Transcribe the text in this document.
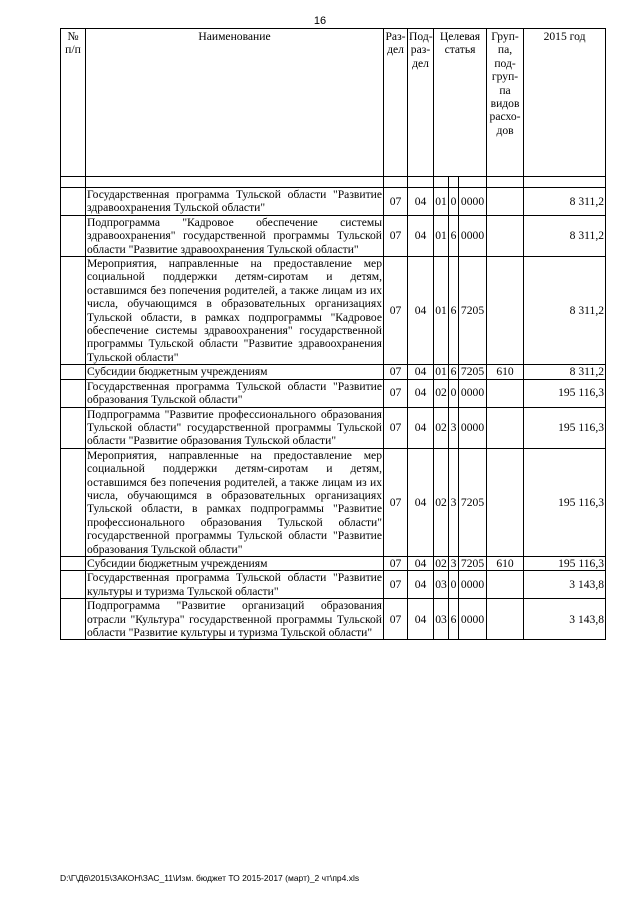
16
№ п/п	Наименование	Раз-дел	Под-раз-дел	Целевая статья			Груп-па, под-груп-па видов расхо-дов	2015 год

	Государственная программа Тульской области "Развитие здравоохранения Тульской области"	07	04	01	0	0000		8 311,2
	Подпрограмма "Кадровое обеспечение системы здравоохранения" государственной программы Тульской области "Развитие здравоохранения Тульской области"	07	04	01	6	0000		8 311,2
	Мероприятия, направленные на предоставление мер социальной поддержки детям-сиротам и детям, оставшимся без попечения родителей, а также лицам из их числа, обучающимся в образовательных организациях Тульской области, в рамках подпрограммы "Кадровое обеспечение системы здравоохранения" государственной программы Тульской области "Развитие здравоохранения Тульской области"	07	04	01	6	7205		8 311,2
	Субсидии бюджетным учреждениям	07	04	01	6	7205	610	8 311,2
	Государственная программа Тульской области "Развитие образования Тульской области"	07	04	02	0	0000		195 116,3
	Подпрограмма "Развитие профессионального образования Тульской области" государственной программы Тульской области "Развитие образования Тульской области"	07	04	02	3	0000		195 116,3
	Мероприятия, направленные на предоставление мер социальной поддержки детям-сиротам и детям, оставшимся без попечения родителей, а также лицам из их числа, обучающимся в образовательных организациях Тульской области, в рамках подпрограммы "Развитие профессионального образования Тульской области" государственной программы Тульской области "Развитие образования Тульской области"	07	04	02	3	7205		195 116,3
	Субсидии бюджетным учреждениям	07	04	02	3	7205	610	195 116,3
	Государственная программа Тульской области "Развитие культуры и туризма Тульской области"	07	04	03	0	0000		3 143,8
	Подпрограмма "Развитие организаций образования отрасли "Культура" государственной программы Тульской области "Развитие культуры и туризма Тульской области"	07	04	03	6	0000		3 143,8
D:\Г\Д6\2015\ЗАКОН\ЗАС_11\Изм. бюджет ТО 2015-2017 (март)_2 чт\пр4.xls
